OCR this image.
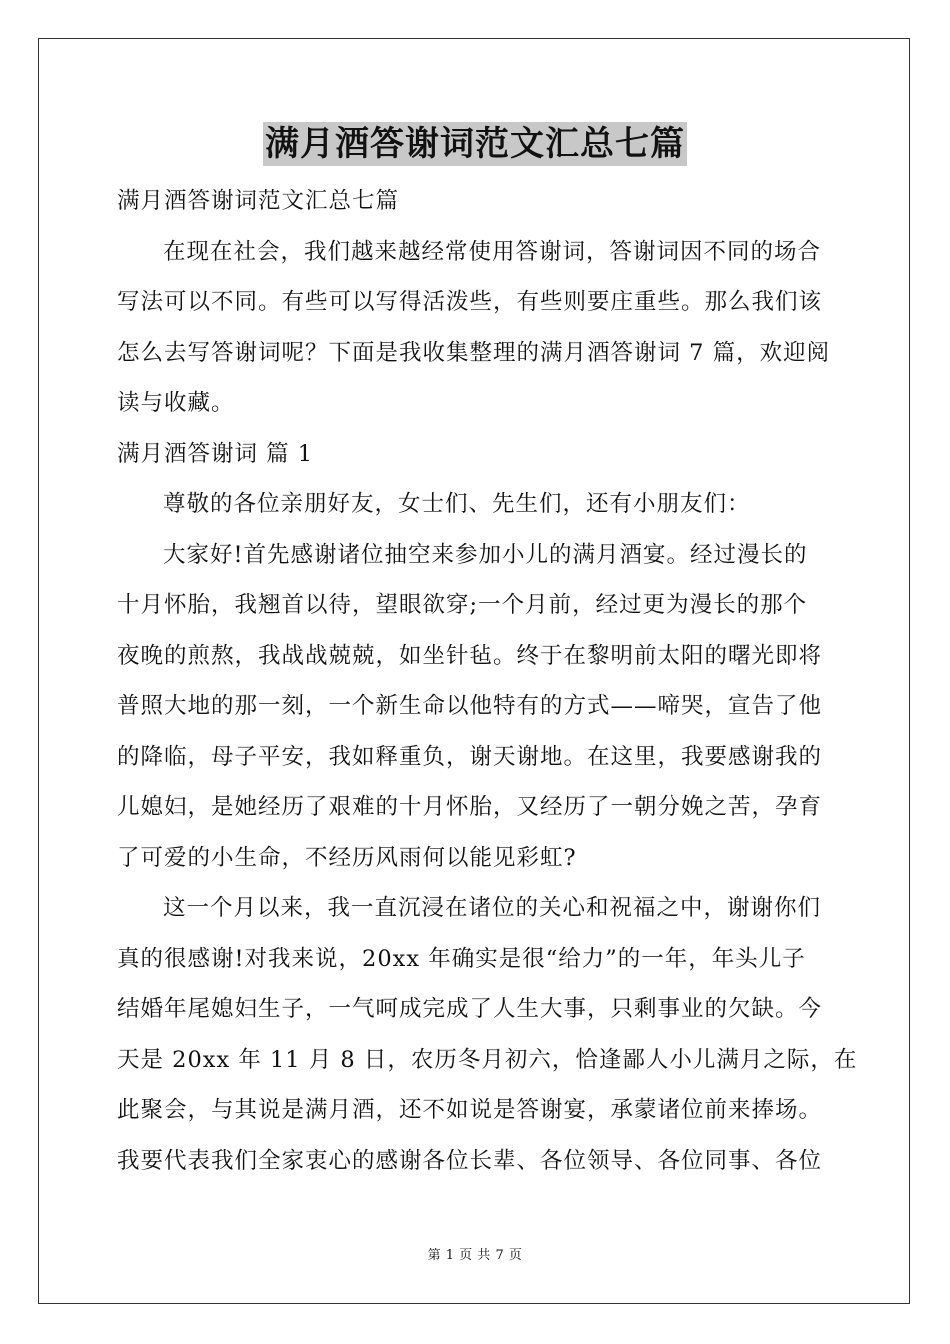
满月酒答谢词范文汇总七篇
满月酒答谢词范文汇总七篇
在现在社会，我们越来越经常使用答谢词，答谢词因不同的场合
写法可以不同。有些可以写得活泼些，有些则要庄重些。那么我们该
怎么去写答谢词呢？下面是我收集整理的满月酒答谢词 7 篇，欢迎阅
读与收藏。
满月酒答谢词 篇 1
尊敬的各位亲朋好友，女士们、先生们，还有小朋友们：
大家好!首先感谢诸位抽空来参加小儿的满月酒宴。经过漫长的
十月怀胎，我翘首以待，望眼欲穿;一个月前，经过更为漫长的那个
夜晚的煎熬，我战战兢兢，如坐针毡。终于在黎明前太阳的曙光即将
普照大地的那一刻，一个新生命以他特有的方式——啼哭，宣告了他
的降临，母子平安，我如释重负，谢天谢地。在这里，我要感谢我的
儿媳妇，是她经历了艰难的十月怀胎，又经历了一朝分娩之苦，孕育
了可爱的小生命，不经历风雨何以能见彩虹?
这一个月以来，我一直沉浸在诸位的关心和祝福之中，谢谢你们
真的很感谢!对我来说，20xx 年确实是很“给力”的一年，年头儿子
结婚年尾媳妇生子，一气呵成完成了人生大事，只剩事业的欠缺。今
天是 20xx 年 11 月 8 日，农历冬月初六，恰逢鄙人小儿满月之际，在
此聚会，与其说是满月酒，还不如说是答谢宴，承蒙诸位前来捧场。
我要代表我们全家衷心的感谢各位长辈、各位领导、各位同事、各位
第 1 页 共 7 页
